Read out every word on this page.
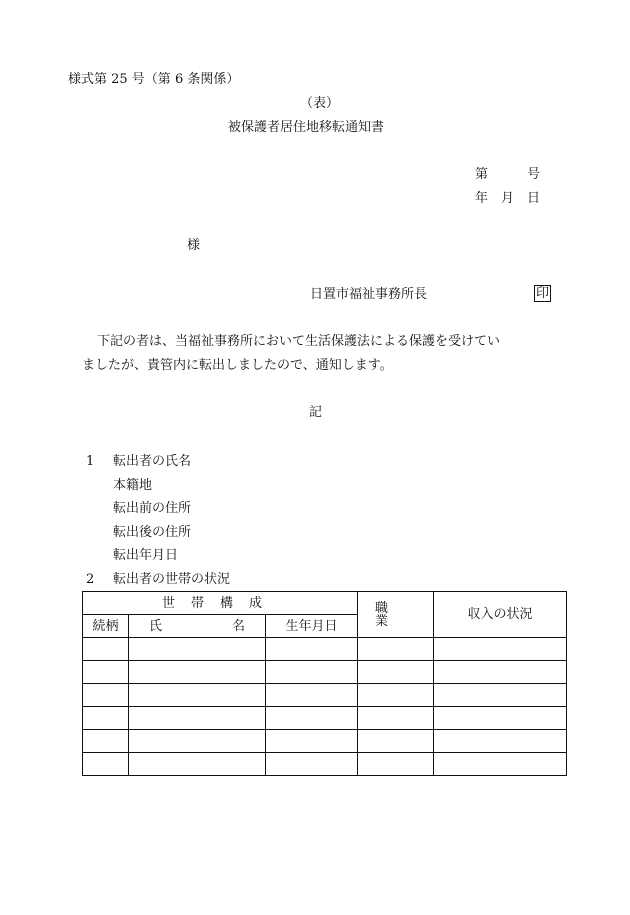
様式第 25 号（第 6 条関係）
（表）
被保護者居住地移転通知書
第　　　号
年　月　日
様
日置市福祉事務所長	印
下記の者は、当福祉事務所において生活保護法による保護を受けてい
ましたが、貴管内に転出しましたので、通知します。
記
1 転出者の氏名
本籍地
転出前の住所
転出後の住所
転出年月日
2 転出者の世帯の状況
世帯構成			職業	収入の状況
続柄	氏 名	生年月日		
